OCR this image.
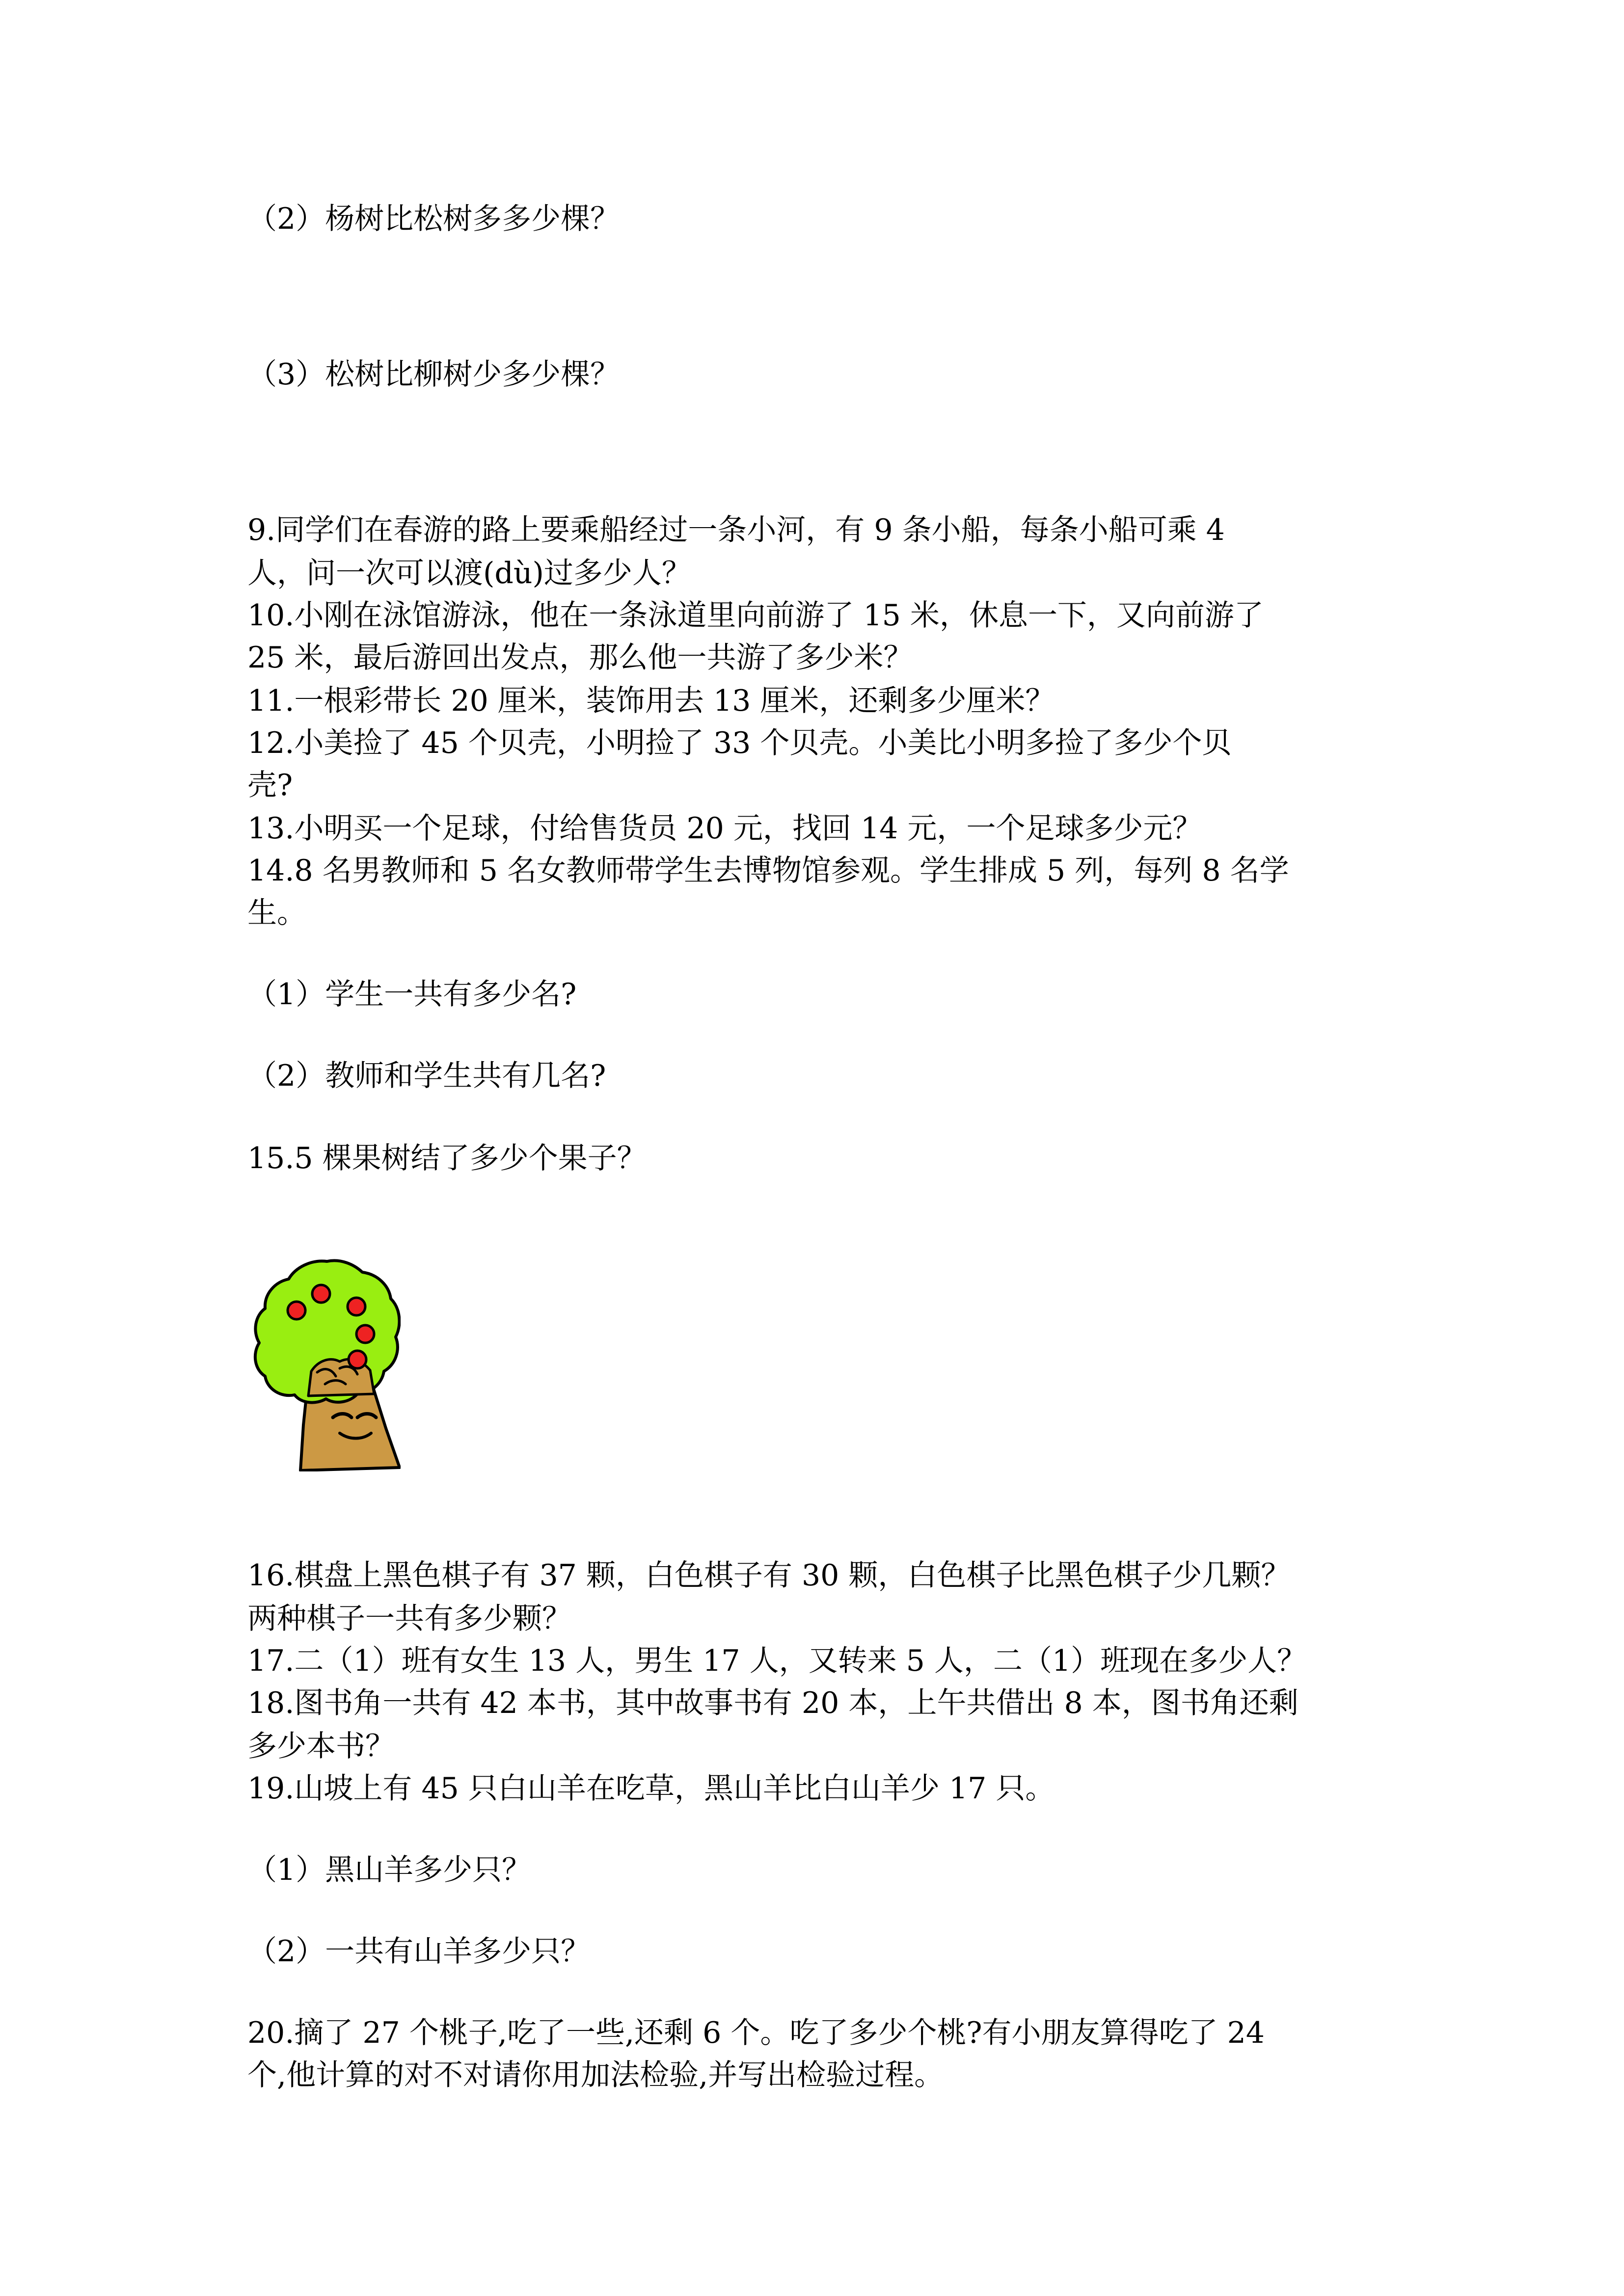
（2）杨树比松树多多少棵？
（3）松树比柳树少多少棵？
9.同学们在春游的路上要乘船经过一条小河，有 9 条小船，每条小船可乘 4
人，问一次可以渡(dù)过多少人？
10.小刚在泳馆游泳，他在一条泳道里向前游了 15 米，休息一下，又向前游了
25 米，最后游回出发点，那么他一共游了多少米？
11.一根彩带长 20 厘米，装饰用去 13 厘米，还剩多少厘米？
12.小美捡了 45 个贝壳，小明捡了 33 个贝壳。小美比小明多捡了多少个贝
壳?
13.小明买一个足球，付给售货员 20 元，找回 14 元，一个足球多少元？
14.8 名男教师和 5 名女教师带学生去博物馆参观。学生排成 5 列，每列 8 名学
生。
（1）学生一共有多少名?
（2）教师和学生共有几名?
15.5 棵果树结了多少个果子？
16.棋盘上黑色棋子有 37 颗，白色棋子有 30 颗，白色棋子比黑色棋子少几颗？
两种棋子一共有多少颗？
17.二（1）班有女生 13 人，男生 17 人，又转来 5 人，二（1）班现在多少人？
18.图书角一共有 42 本书，其中故事书有 20 本，上午共借出 8 本，图书角还剩
多少本书？
19.山坡上有 45 只白山羊在吃草，黑山羊比白山羊少 17 只。
（1）黑山羊多少只？
（2）一共有山羊多少只？
20.摘了 27 个桃子,吃了一些,还剩 6 个。吃了多少个桃?有小朋友算得吃了 24
个,他计算的对不对请你用加法检验,并写出检验过程。
